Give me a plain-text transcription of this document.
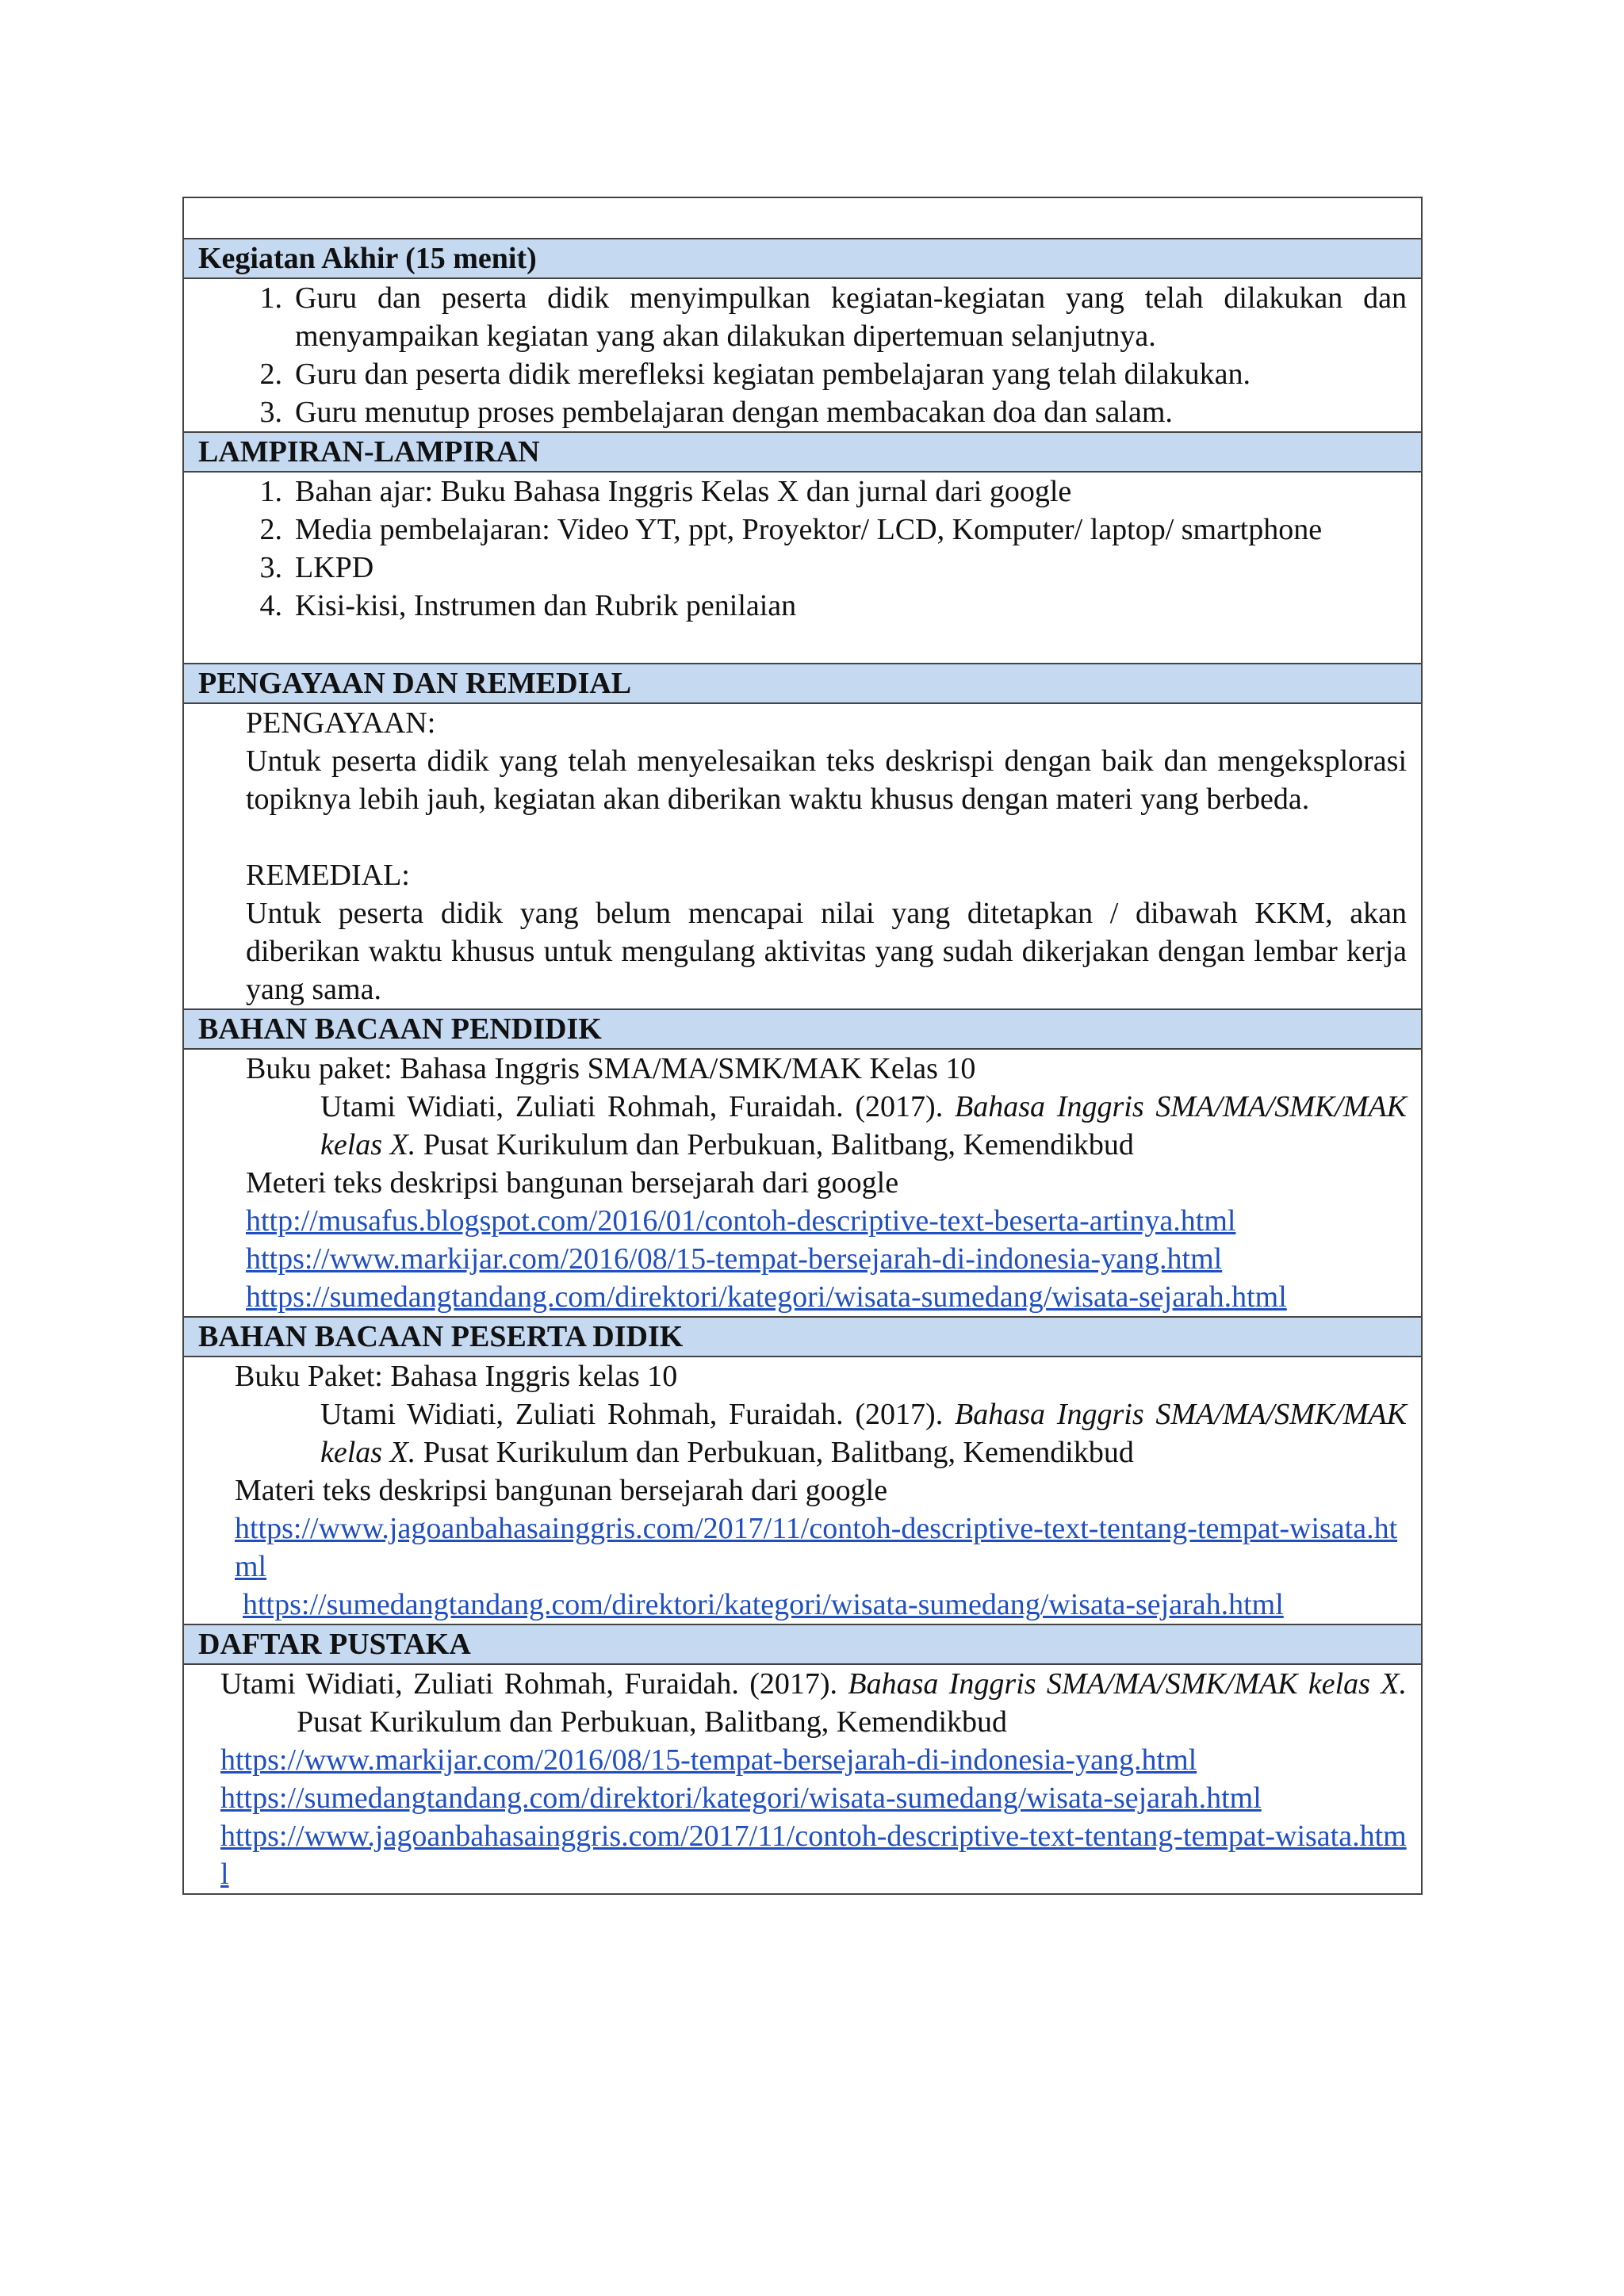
Kegiatan Akhir (15 menit)
1. Guru dan peserta didik menyimpulkan kegiatan-kegiatan yang telah dilakukan dan menyampaikan kegiatan yang akan dilakukan dipertemuan selanjutnya.
2. Guru dan peserta didik merefleksi kegiatan pembelajaran yang telah dilakukan.
3. Guru menutup proses pembelajaran dengan membacakan doa dan salam.
LAMPIRAN-LAMPIRAN
1. Bahan ajar: Buku Bahasa Inggris Kelas X dan jurnal dari google
2. Media pembelajaran: Video YT, ppt, Proyektor/ LCD, Komputer/ laptop/ smartphone
3. LKPD
4. Kisi-kisi, Instrumen dan Rubrik penilaian
PENGAYAAN DAN REMEDIAL

PENGAYAAN:

Untuk peserta didik yang telah menyelesaikan teks deskrispi dengan baik dan mengeksplorasi topiknya lebih jauh, kegiatan akan diberikan waktu khusus dengan materi yang berbeda.

REMEDIAL:

Untuk peserta didik yang belum mencapai nilai yang ditetapkan / dibawah KKM, akan diberikan waktu khusus untuk mengulang aktivitas yang sudah dikerjakan dengan lembar kerja yang sama.

BAHAN BACAAN PENDIDIK

Buku paket: Bahasa Inggris SMA/MA/SMK/MAK Kelas 10

Utami Widiati, Zuliati Rohmah, Furaidah. (2017). Bahasa Inggris SMA/MA/SMK/MAK kelas X. Pusat Kurikulum dan Perbukuan, Balitbang, Kemendikbud

Meteri teks deskripsi bangunan bersejarah dari google

http://musafus.blogspot.com/2016/01/contoh-descriptive-text-beserta-artinya.html

https://www.markijar.com/2016/08/15-tempat-bersejarah-di-indonesia-yang.html

https://sumedangtandang.com/direktori/kategori/wisata-sumedang/wisata-sejarah.html

BAHAN BACAAN PESERTA DIDIK

Buku Paket: Bahasa Inggris kelas 10

Utami Widiati, Zuliati Rohmah, Furaidah. (2017). Bahasa Inggris SMA/MA/SMK/MAK kelas X. Pusat Kurikulum dan Perbukuan, Balitbang, Kemendikbud

Materi teks deskripsi bangunan bersejarah dari google

https://www.jagoanbahasainggris.com/2017/11/contoh-descriptive-text-tentang-tempat-wisata.html

https://sumedangtandang.com/direktori/kategori/wisata-sumedang/wisata-sejarah.html

DAFTAR PUSTAKA

Utami Widiati, Zuliati Rohmah, Furaidah. (2017). Bahasa Inggris SMA/MA/SMK/MAK kelas X. Pusat Kurikulum dan Perbukuan, Balitbang, Kemendikbud

https://www.markijar.com/2016/08/15-tempat-bersejarah-di-indonesia-yang.html

https://sumedangtandang.com/direktori/kategori/wisata-sumedang/wisata-sejarah.html

https://www.jagoanbahasainggris.com/2017/11/contoh-descriptive-text-tentang-tempat-wisata.html
